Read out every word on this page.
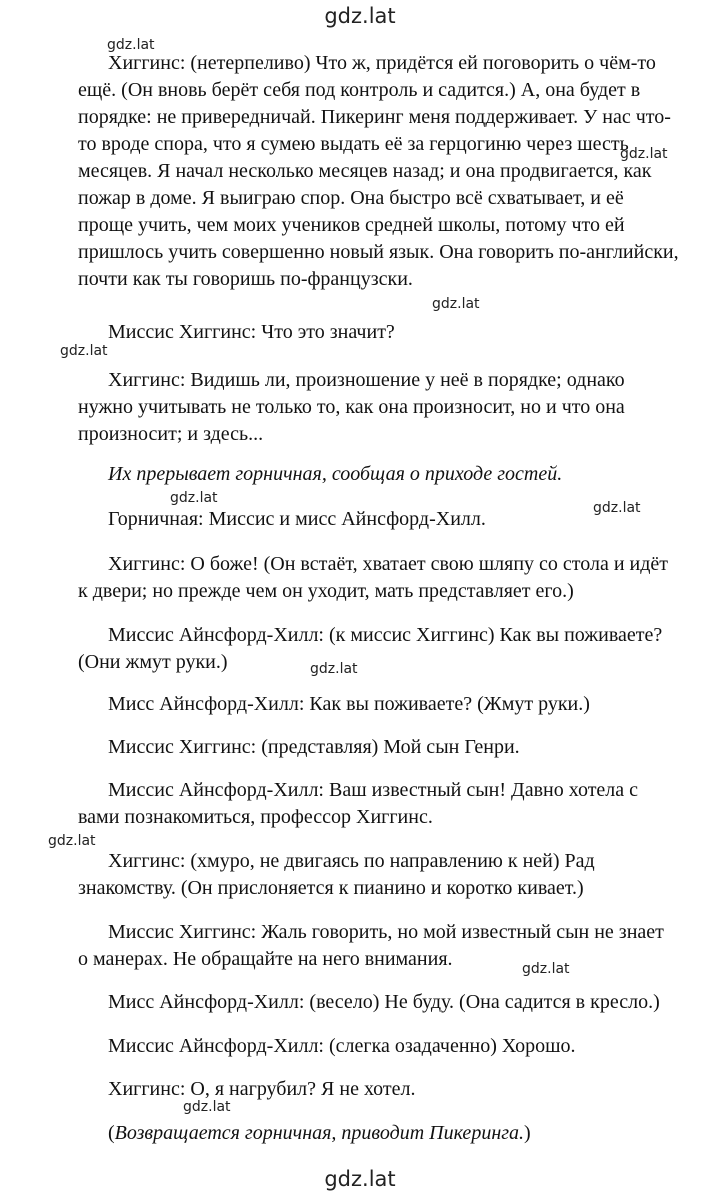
gdz.lat
gdz.lat
gdz.lat
gdz.lat
gdz.lat
gdz.lat
gdz.lat
gdz.lat
gdz.lat
gdz.lat
gdz.lat
gdz.lat

Хиггинс: (нетерпеливо) Что ж, придётся ей поговорить о чём-то
ещё. (Он вновь берёт себя под контроль и садится.) А, она будет в
порядке: не привередничай. Пикеринг меня поддерживает. У нас что-
то вроде спора, что я сумею выдать её за герцогиню через шесть
месяцев. Я начал несколько месяцев назад; и она продвигается, как
пожар в доме. Я выиграю спор. Она быстро всё схватывает, и её
проще учить, чем моих учеников средней школы, потому что ей
пришлось учить совершенно новый язык. Она говорить по-английски,
почти как ты говоришь по-французски.

Миссис Хиггинс: Что это значит?

Хиггинс: Видишь ли, произношение у неё в порядке; однако
нужно учитывать не только то, как она произносит, но и что она
произносит; и здесь...

Их прерывает горничная, сообщая о приходе гостей.

Горничная: Миссис и мисс Айнсфорд-Хилл.

Хиггинс: О боже! (Он встаёт, хватает свою шляпу со стола и идёт
к двери; но прежде чем он уходит, мать представляет его.)

Миссис Айнсфорд-Хилл: (к миссис Хиггинс) Как вы поживаете?
(Они жмут руки.)

Мисс Айнсфорд-Хилл: Как вы поживаете? (Жмут руки.)

Миссис Хиггинс: (представляя) Мой сын Генри.

Миссис Айнсфорд-Хилл: Ваш известный сын! Давно хотела с
вами познакомиться, профессор Хиггинс.

Хиггинс: (хмуро, не двигаясь по направлению к ней) Рад
знакомству. (Он прислоняется к пианино и коротко кивает.)

Миссис Хиггинс: Жаль говорить, но мой известный сын не знает
о манерах. Не обращайте на него внимания.

Мисс Айнсфорд-Хилл: (весело) Не буду. (Она садится в кресло.)

Миссис Айнсфорд-Хилл: (слегка озадаченно) Хорошо.

Хиггинс: О, я нагрубил? Я не хотел.

(Возвращается горничная, приводит Пикеринга.)
